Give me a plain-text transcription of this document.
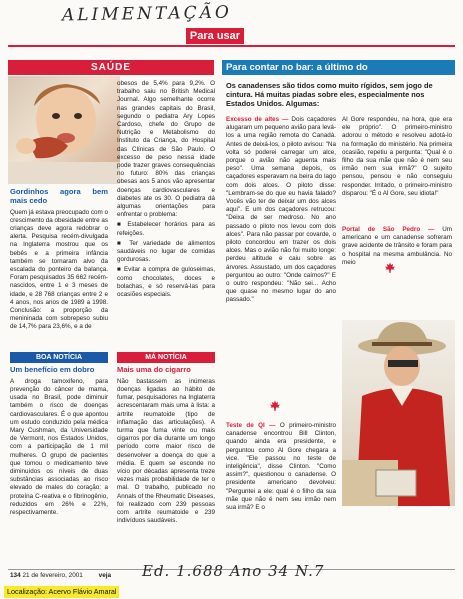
ALIMENTAÇÃO
Para usar
SAÚDE
Gordinhos agora bem mais cedo

Quem já estava preocupado com o crescimento da obesidade entre as crianças deve agora redobrar o alerta. Pesquisa recém-divulgada na Inglaterra mostrou que os bebês e a primeira infância também se tornaram alvo da escalada do ponteiro da balança. Foram pesquisados 35 662 recém-nascidos, entre 1 e 3 meses de idade, e 28 768 crianças entre 2 e 4 anos, nos anos de 1989 a 1998. Conclusão: a proporção da menininada com sobrepeso subiu de 14,7% para 23,6%, e a de

obesos de 5,4% para 9,2%. O trabalho saiu no British Medical Journal. Algo semelhante ocorre nas grandes capitais do Brasil, segundo o pediatra Ary Lopes Cardoso, chefe do Grupo de Nutrição e Metabolismo do Instituto da Criança, do Hospital das Clínicas de São Paulo. O excesso de peso nessa idade pode trazer graves consequências no futuro: 80% das crianças obesas aos 5 anos vão apresentar doenças cardiovasculares e diabetes ate os 30. O pediatra dá algumas orientações para enfrentar o problema:

■ Estabelecer horários para as refeições.

■ Ter variedade de alimentos saudáveis no lugar de comidas gordurosas.

■ Evitar a compra de guloseimas, como chocolates, doces e bolachas, e só reservá-las para ocasiões especiais.

BOA NOTÍCIA	MÁ NOTÍCIA
Um benefício em dobro

A droga tamoxifeno, para prevenção do câncer de mama, usada no Brasil, pode diminuir também o risco de doenças cardiovasculares. É o que apontou um estudo conduzido pela médica Mary Cushman, da Universidade de Vermont, nos Estados Unidos, com a participação de 1 mil mulheres. O grupo de pacientes que tomou o medicamento teve diminuídos os níveis de duas substâncias associadas ao risco elevado de males do coração: a proteína C-reativa e o fibrinogênio, reduzidos em 26% e 22%, respectivamente.

Mais uma do cigarro

Não bastassem as inúmeras doenças ligadas ao hábito de fumar, pesquisadores na Inglaterra acrescentaram mais uma à lista: a artrite reumatoide (tipo de inflamação das articulações). A turma que fuma vinte ou mais cigarros por dia durante um longo período corre maior risco de desenvolver a doença do que a média. E quem se esconde no vício por décadas apresenta treze vezes mais probabilidade de ter o mal. O trabalho, publicado no Annals of the Rheumatic Diseases, foi realizado com 239 pessoas com artrite reumatoide e 239 indivíduos saudáveis.

Para contar no bar: a último do
Os canadenses são tidos como muito rígidos, sem jogo de cintura. Há muitas piadas sobre eles, especialmente nos Estados Unidos. Algumas:

Excesso de altes — Dois caçadores alugaram um pequeno avião para levá-los a uma região remota do Canadá. Antes de deixá-los, o piloto avisou: "Na volta só poderei carregar um alce, porque o avião não aguenta mais peso". Uma semana depois, os caçadores esperavam na beira do lago com dois alces. O piloto disse: "Lembram-se do que eu havia falado? Vocês vão ter de deixar um dos alces aqui". E um dos caçadores retrucou: "Deixa de ser medroso. No ano passado o piloto nos levou com dois alces". Para não passar por covarde, o piloto concordou em trazer os dois alces. Mas o avião não foi muito longe: perdeu altitude e caiu sobre as árvores. Assustado, um dos caçadores perguntou ao outro: "Onde caímos?" E o outro respondeu: "Não sei... Acho que quase no mesmo lugar do ano passado."

Al Gore respondeu, na hora, que era ele próprio". O primeiro-ministro adorou o método e resolveu adotá-lo na formação do ministério. Na primeira ocasião, repetiu a pergunta: "Qual é o filho da sua mãe que não é nem seu irmão nem sua irmã?" O sujeito pensou, pensou e não conseguiu responder. Irritado, o primeiro-ministro disparou: "É o Al Gore, seu idiota!"

Portal de São Pedro — Um americano e um canadense sofreram grave acidente de trânsito e foram para o hospital na mesma ambulância. No meio

Teste de QI — O primeiro-ministro canadense encontrou Bill Clinton, quando ainda era presidente, e perguntou como Al Gore chegara a vice. "Ele passou no teste de inteligência", disse Clinton. "Como assim?", questionou o canadense. O presidente americano devolveu: "Perguntei a ele: qual é o filho da sua mãe que não é nem seu irmão nem sua irmã? E o

134 21 de fevereiro, 2001 veja Ed. 1.688 Ano 34 N.7
Localização: Acervo Flávio Amaral
